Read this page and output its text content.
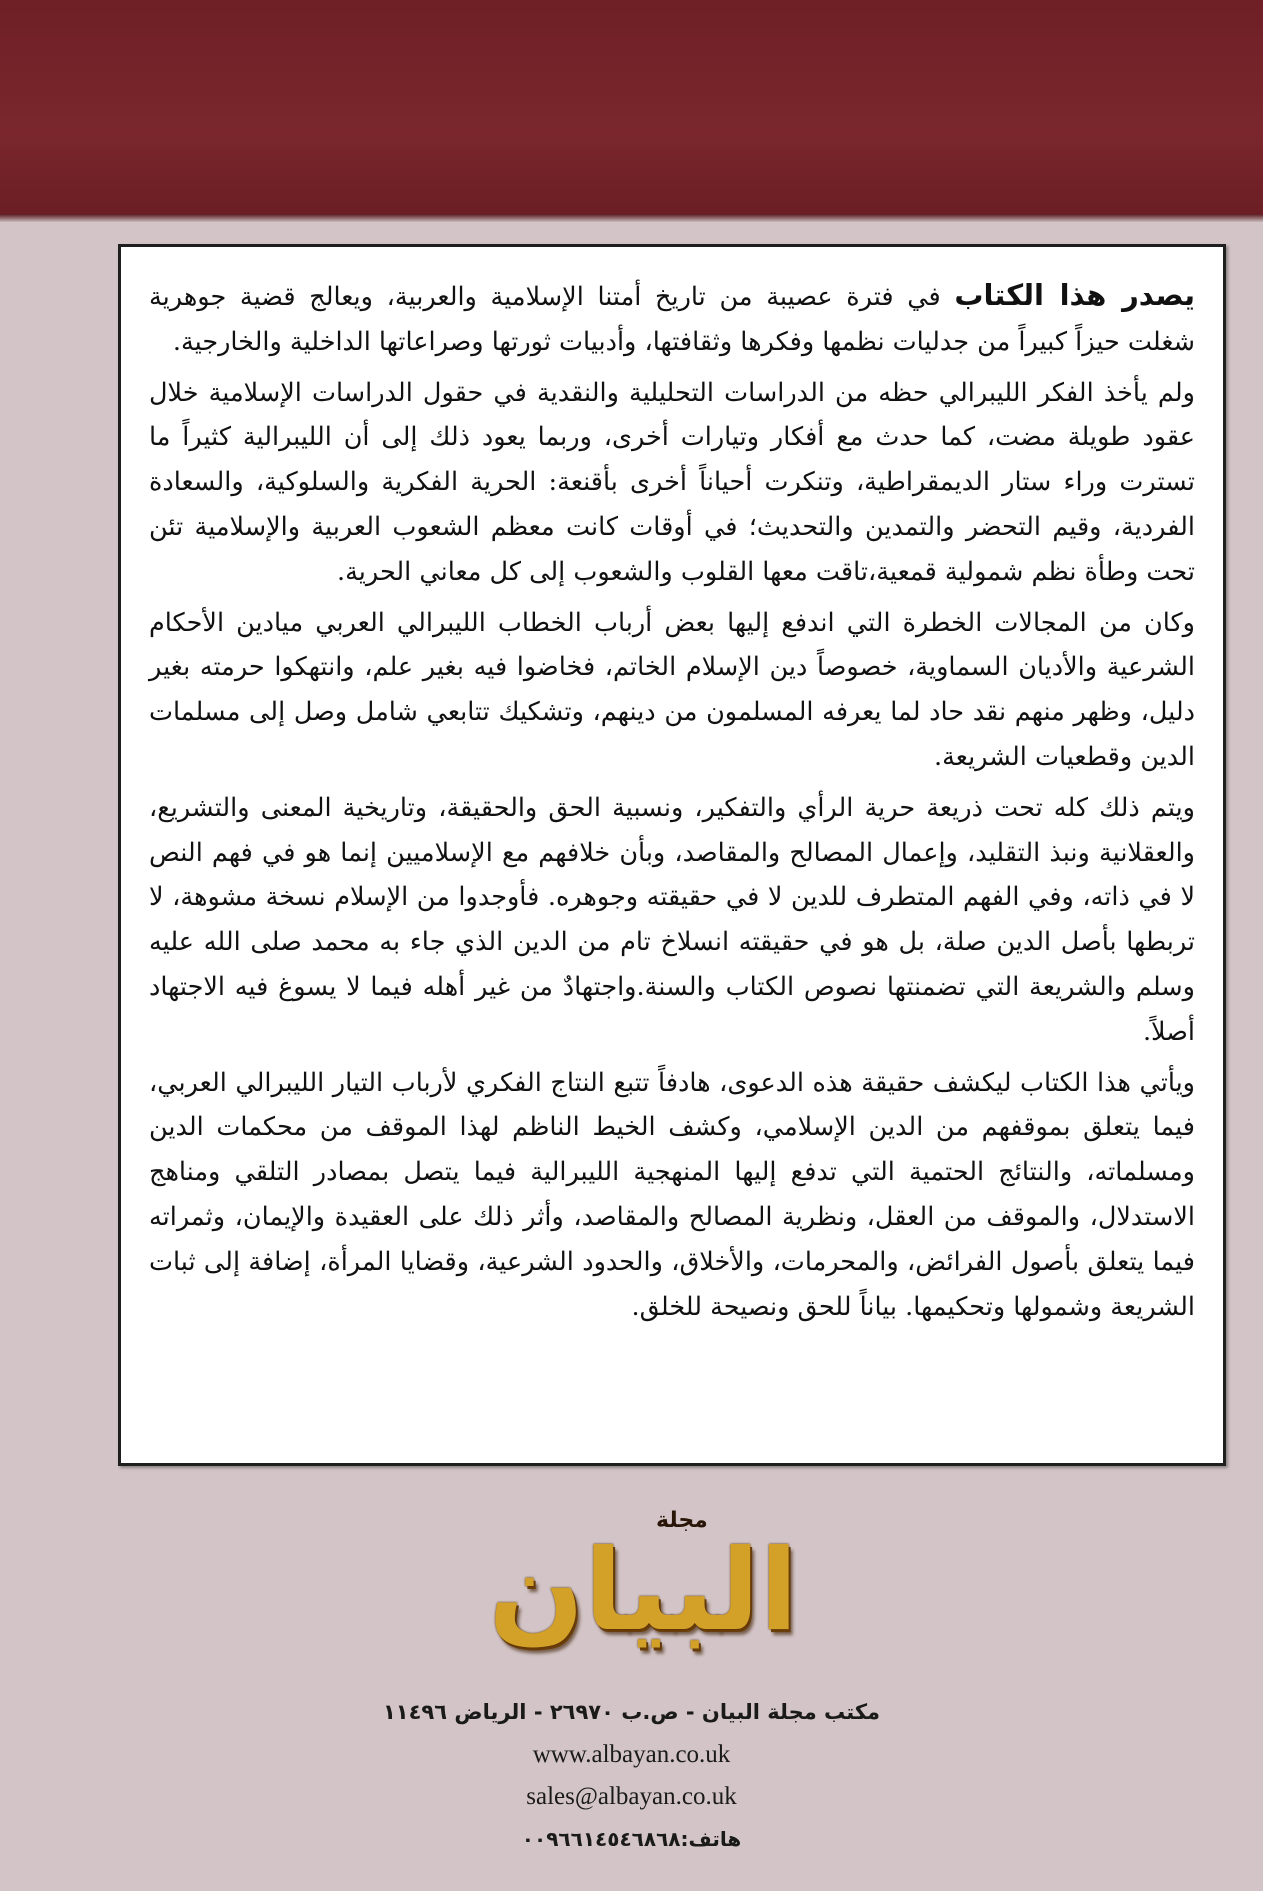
يصدر هذا الكتاب في فترة عصيبة من تاريخ أمتنا الإسلامية والعربية، ويعالج قضية جوهرية شغلت حيزاً كبيراً من جدليات نظمها وفكرها وثقافتها، وأدبيات ثورتها وصراعاتها الداخلية والخارجية.

ولم يأخذ الفكر الليبرالي حظه من الدراسات التحليلية والنقدية في حقول الدراسات الإسلامية خلال عقود طويلة مضت، كما حدث مع أفكار وتيارات أخرى، وربما يعود ذلك إلى أن الليبرالية كثيراً ما تسترت وراء ستار الديمقراطية، وتنكرت أحياناً أخرى بأقنعة: الحرية الفكرية والسلوكية، والسعادة الفردية، وقيم التحضر والتمدين والتحديث؛ في أوقات كانت معظم الشعوب العربية والإسلامية تئن تحت وطأة نظم شمولية قمعية،تاقت معها القلوب والشعوب إلى كل معاني الحرية.

وكان من المجالات الخطرة التي اندفع إليها بعض أرباب الخطاب الليبرالي العربي ميادين الأحكام الشرعية والأديان السماوية، خصوصاً دين الإسلام الخاتم، فخاضوا فيه بغير علم، وانتهكوا حرمته بغير دليل، وظهر منهم نقد حاد لما يعرفه المسلمون من دينهم، وتشكيك تتابعي شامل وصل إلى مسلمات الدين وقطعيات الشريعة.

ويتم ذلك كله تحت ذريعة حرية الرأي والتفكير، ونسبية الحق والحقيقة، وتاريخية المعنى والتشريع، والعقلانية ونبذ التقليد، وإعمال المصالح والمقاصد، وبأن خلافهم مع الإسلاميين إنما هو في فهم النص لا في ذاته، وفي الفهم المتطرف للدين لا في حقيقته وجوهره. فأوجدوا من الإسلام نسخة مشوهة، لا تربطها بأصل الدين صلة، بل هو في حقيقته انسلاخ تام من الدين الذي جاء به محمد صلى الله عليه وسلم والشريعة التي تضمنتها نصوص الكتاب والسنة.واجتهادٌ من غير أهله فيما لا يسوغ فيه الاجتهاد أصلاً.

ويأتي هذا الكتاب ليكشف حقيقة هذه الدعوى، هادفاً تتبع النتاج الفكري لأرباب التيار الليبرالي العربي، فيما يتعلق بموقفهم من الدين الإسلامي، وكشف الخيط الناظم لهذا الموقف من محكمات الدين ومسلماته، والنتائج الحتمية التي تدفع إليها المنهجية الليبرالية فيما يتصل بمصادر التلقي ومناهج الاستدلال، والموقف من العقل، ونظرية المصالح والمقاصد، وأثر ذلك على العقيدة والإيمان، وثمراته فيما يتعلق بأصول الفرائض، والمحرمات، والأخلاق، والحدود الشرعية، وقضايا المرأة، إضافة إلى ثبات الشريعة وشمولها وتحكيمها. بياناً للحق ونصيحة للخلق.

مجلة
البيان
مكتب مجلة البيان - ص.ب ٢٦٩٧٠ - الرياض ١١٤٩٦
www.albayan.co.uk
sales@albayan.co.uk
هاتف:٠٠٩٦٦١٤٥٤٦٨٦٨
